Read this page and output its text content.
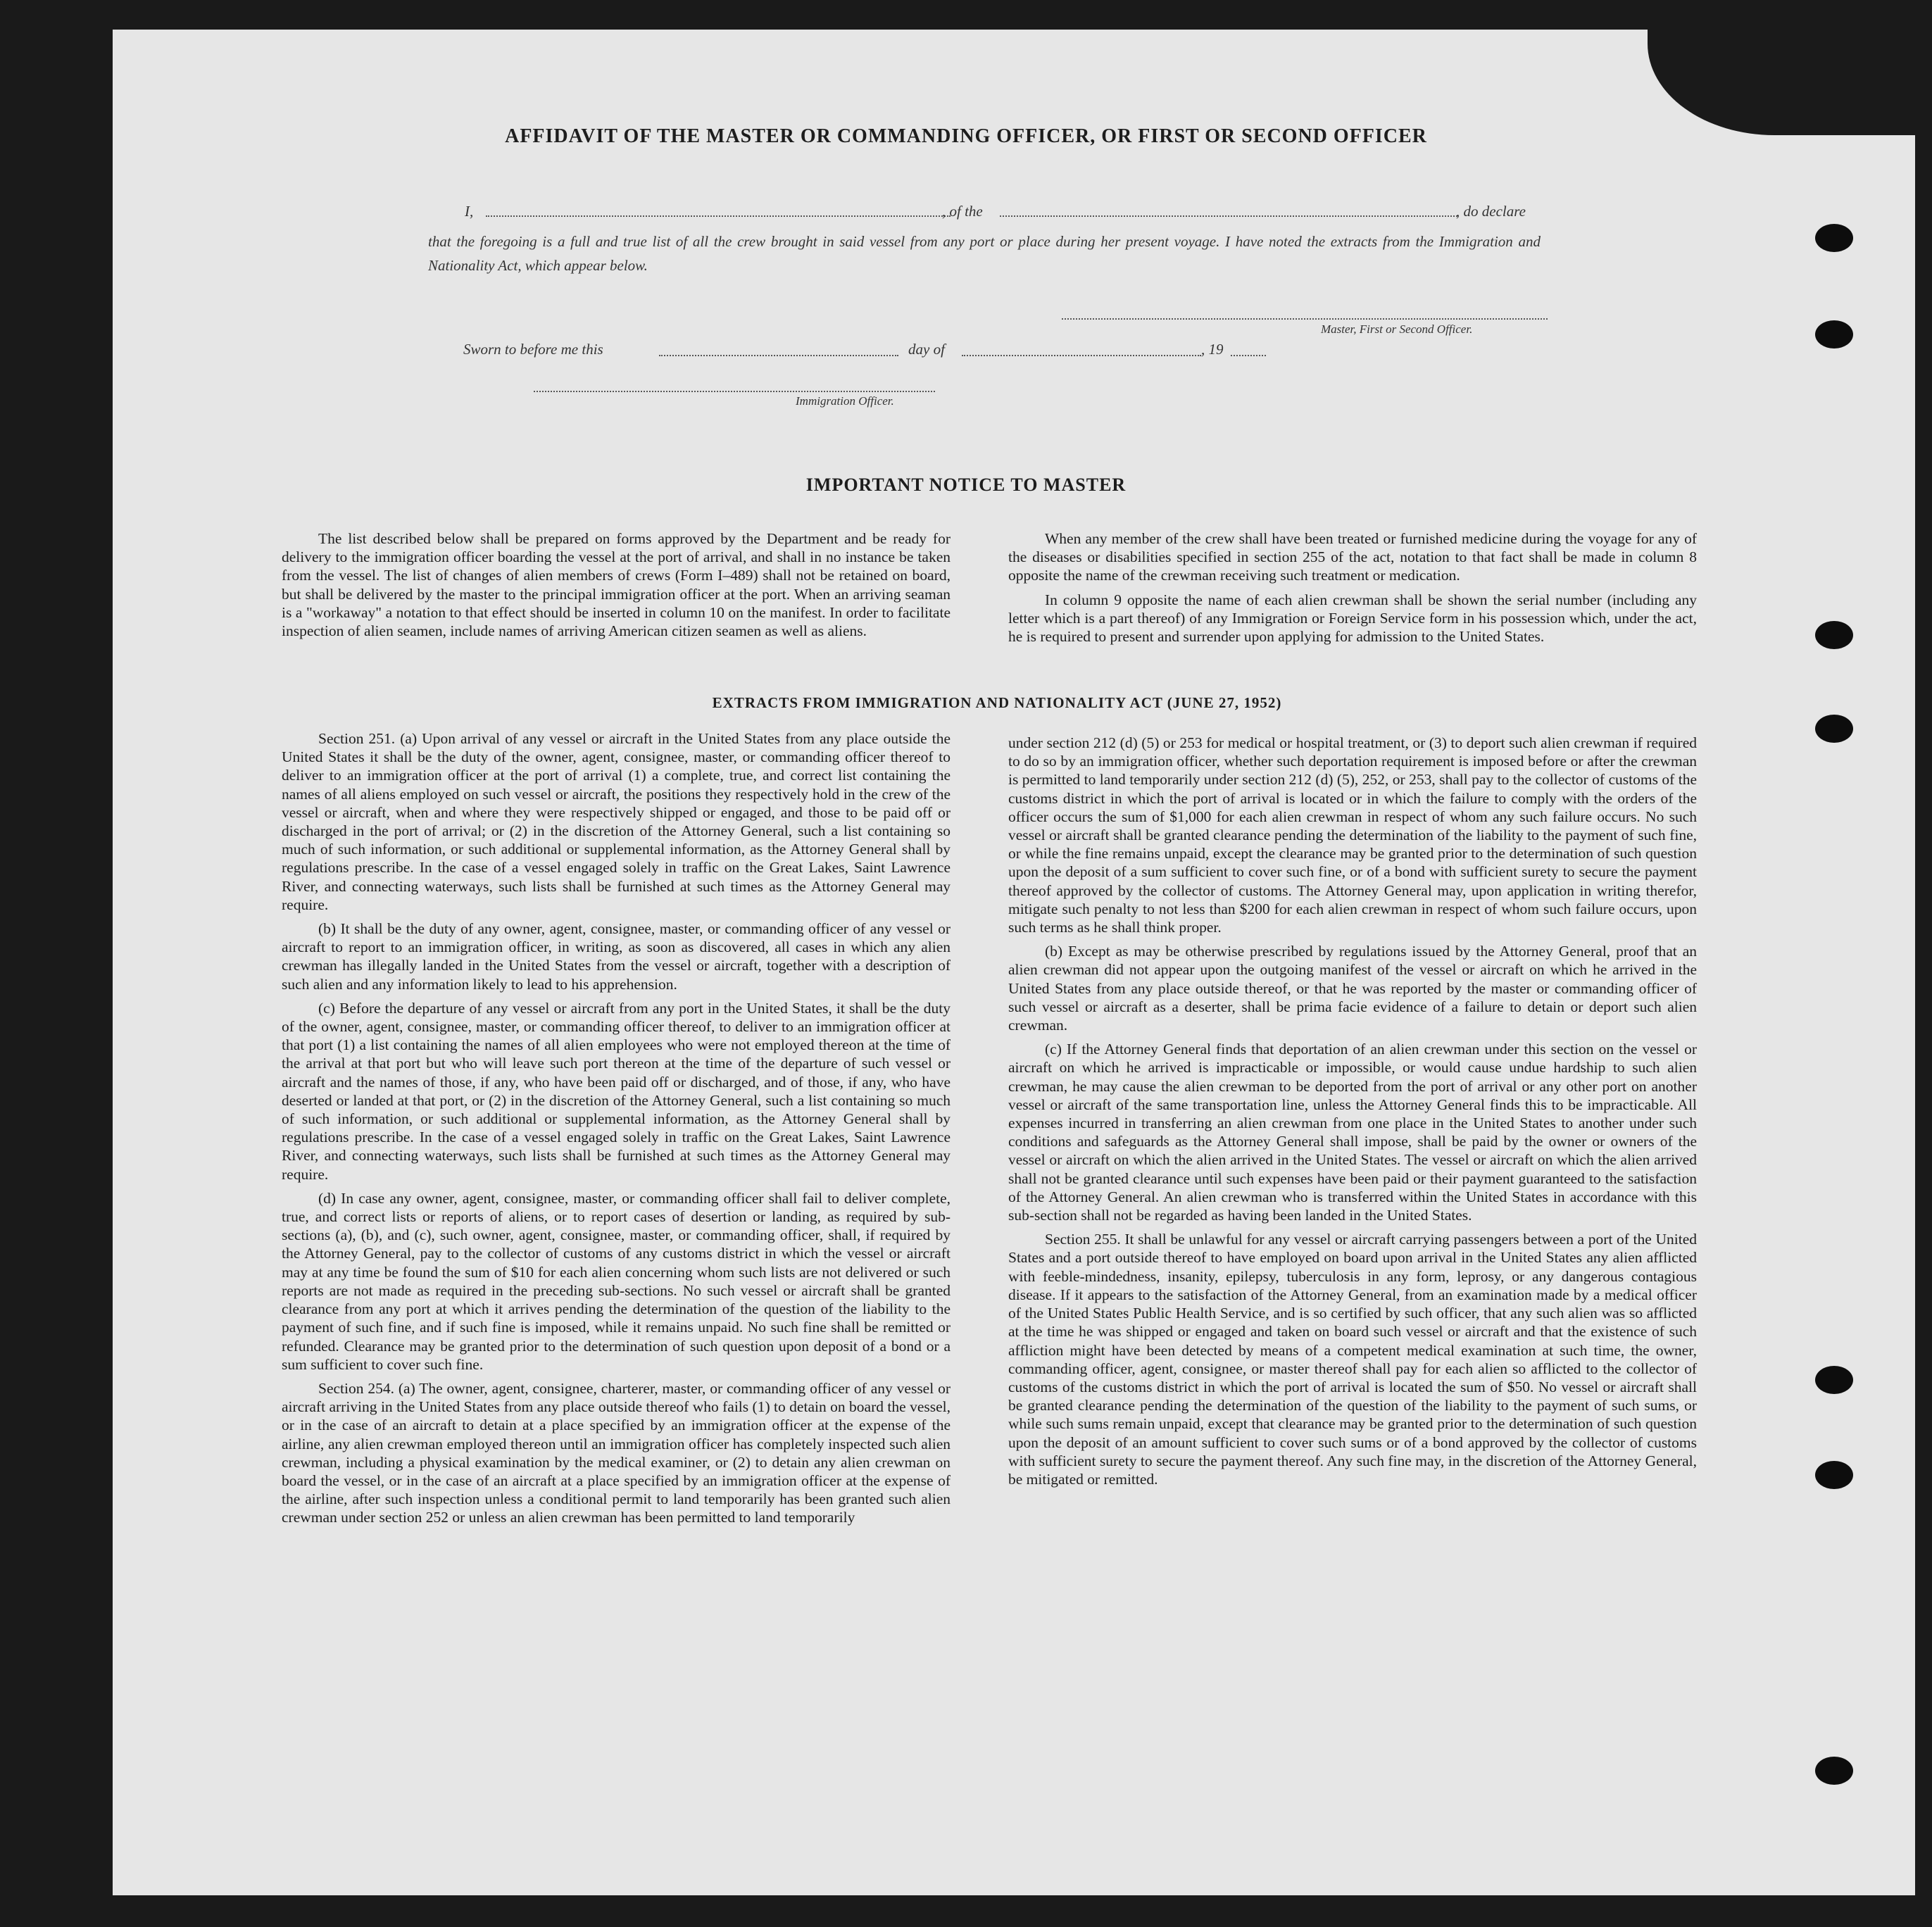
AFFIDAVIT OF THE MASTER OR COMMANDING OFFICER, OR FIRST OR SECOND OFFICER
I,	, of the	, do declare
that the foregoing is a full and true list of all the crew brought in said vessel from any port or place during her present voyage. I have noted the extracts from the Immigration and Nationality Act, which appear below.
Master, First or Second Officer.
Sworn to before me this	day of	, 19
Immigration Officer.
IMPORTANT NOTICE TO MASTER

The list described below shall be prepared on forms approved by the Department and be ready for delivery to the immigration officer boarding the vessel at the port of arrival, and shall in no instance be taken from the vessel. The list of changes of alien members of crews (Form I–489) shall not be retained on board, but shall be delivered by the master to the principal immigration officer at the port. When an arriving seaman is a "workaway" a notation to that effect should be inserted in column 10 on the manifest. In order to facilitate inspection of alien seamen, include names of arriving American citizen seamen as well as aliens.

When any member of the crew shall have been treated or furnished medicine during the voyage for any of the diseases or disabilities specified in section 255 of the act, notation to that fact shall be made in column 8 opposite the name of the crewman receiving such treatment or medication.

In column 9 opposite the name of each alien crewman shall be shown the serial number (including any letter which is a part thereof) of any Immigration or Foreign Service form in his possession which, under the act, he is required to present and surrender upon applying for admission to the United States.

EXTRACTS FROM IMMIGRATION AND NATIONALITY ACT (JUNE 27, 1952)

Section 251. (a) Upon arrival of any vessel or aircraft in the United States from any place outside the United States it shall be the duty of the owner, agent, consignee, master, or commanding officer thereof to deliver to an immigration officer at the port of arrival (1) a complete, true, and correct list containing the names of all aliens employed on such vessel or aircraft, the positions they respectively hold in the crew of the vessel or aircraft, when and where they were respectively shipped or engaged, and those to be paid off or discharged in the port of arrival; or (2) in the discretion of the Attorney General, such a list containing so much of such information, or such additional or supplemental information, as the Attorney General shall by regulations prescribe. In the case of a vessel engaged solely in traffic on the Great Lakes, Saint Lawrence River, and connecting waterways, such lists shall be furnished at such times as the Attorney General may require.

(b) It shall be the duty of any owner, agent, consignee, master, or commanding officer of any vessel or aircraft to report to an immigration officer, in writing, as soon as discovered, all cases in which any alien crewman has illegally landed in the United States from the vessel or aircraft, together with a description of such alien and any information likely to lead to his apprehension.

(c) Before the departure of any vessel or aircraft from any port in the United States, it shall be the duty of the owner, agent, consignee, master, or commanding officer thereof, to deliver to an immigration officer at that port (1) a list containing the names of all alien employees who were not employed thereon at the time of the arrival at that port but who will leave such port thereon at the time of the departure of such vessel or aircraft and the names of those, if any, who have been paid off or discharged, and of those, if any, who have deserted or landed at that port, or (2) in the discretion of the Attorney General, such a list containing so much of such information, or such additional or supplemental information, as the Attorney General shall by regulations prescribe. In the case of a vessel engaged solely in traffic on the Great Lakes, Saint Lawrence River, and connecting waterways, such lists shall be furnished at such times as the Attorney General may require.

(d) In case any owner, agent, consignee, master, or commanding officer shall fail to deliver complete, true, and correct lists or reports of aliens, or to report cases of desertion or landing, as required by sub-sections (a), (b), and (c), such owner, agent, consignee, master, or commanding officer, shall, if required by the Attorney General, pay to the collector of customs of any customs district in which the vessel or aircraft may at any time be found the sum of $10 for each alien concerning whom such lists are not delivered or such reports are not made as required in the preceding sub-sections. No such vessel or aircraft shall be granted clearance from any port at which it arrives pending the determination of the question of the liability to the payment of such fine, and if such fine is imposed, while it remains unpaid. No such fine shall be remitted or refunded. Clearance may be granted prior to the determination of such question upon deposit of a bond or a sum sufficient to cover such fine.

Section 254. (a) The owner, agent, consignee, charterer, master, or commanding officer of any vessel or aircraft arriving in the United States from any place outside thereof who fails (1) to detain on board the vessel, or in the case of an aircraft to detain at a place specified by an immigration officer at the expense of the airline, any alien crewman employed thereon until an immigration officer has completely inspected such alien crewman, including a physical examination by the medical examiner, or (2) to detain any alien crewman on board the vessel, or in the case of an aircraft at a place specified by an immigration officer at the expense of the airline, after such inspection unless a conditional permit to land temporarily has been granted such alien crewman under section 252 or unless an alien crewman has been permitted to land temporarily

under section 212 (d) (5) or 253 for medical or hospital treatment, or (3) to deport such alien crewman if required to do so by an immigration officer, whether such deportation requirement is imposed before or after the crewman is permitted to land temporarily under section 212 (d) (5), 252, or 253, shall pay to the collector of customs of the customs district in which the port of arrival is located or in which the failure to comply with the orders of the officer occurs the sum of $1,000 for each alien crewman in respect of whom any such failure occurs. No such vessel or aircraft shall be granted clearance pending the determination of the liability to the payment of such fine, or while the fine remains unpaid, except the clearance may be granted prior to the determination of such question upon the deposit of a sum sufficient to cover such fine, or of a bond with sufficient surety to secure the payment thereof approved by the collector of customs. The Attorney General may, upon application in writing therefor, mitigate such penalty to not less than $200 for each alien crewman in respect of whom such failure occurs, upon such terms as he shall think proper.

(b) Except as may be otherwise prescribed by regulations issued by the Attorney General, proof that an alien crewman did not appear upon the outgoing manifest of the vessel or aircraft on which he arrived in the United States from any place outside thereof, or that he was reported by the master or commanding officer of such vessel or aircraft as a deserter, shall be prima facie evidence of a failure to detain or deport such alien crewman.

(c) If the Attorney General finds that deportation of an alien crewman under this section on the vessel or aircraft on which he arrived is impracticable or impossible, or would cause undue hardship to such alien crewman, he may cause the alien crewman to be deported from the port of arrival or any other port on another vessel or aircraft of the same transportation line, unless the Attorney General finds this to be impracticable. All expenses incurred in transferring an alien crewman from one place in the United States to another under such conditions and safeguards as the Attorney General shall impose, shall be paid by the owner or owners of the vessel or aircraft on which the alien arrived in the United States. The vessel or aircraft on which the alien arrived shall not be granted clearance until such expenses have been paid or their payment guaranteed to the satisfaction of the Attorney General. An alien crewman who is transferred within the United States in accordance with this sub-section shall not be regarded as having been landed in the United States.

Section 255. It shall be unlawful for any vessel or aircraft carrying passengers between a port of the United States and a port outside thereof to have employed on board upon arrival in the United States any alien afflicted with feeble-mindedness, insanity, epilepsy, tuberculosis in any form, leprosy, or any dangerous contagious disease. If it appears to the satisfaction of the Attorney General, from an examination made by a medical officer of the United States Public Health Service, and is so certified by such officer, that any such alien was so afflicted at the time he was shipped or engaged and taken on board such vessel or aircraft and that the existence of such affliction might have been detected by means of a competent medical examination at such time, the owner, commanding officer, agent, consignee, or master thereof shall pay for each alien so afflicted to the collector of customs of the customs district in which the port of arrival is located the sum of $50. No vessel or aircraft shall be granted clearance pending the determination of the question of the liability to the payment of such sums, or while such sums remain unpaid, except that clearance may be granted prior to the determination of such question upon the deposit of an amount sufficient to cover such sums or of a bond approved by the collector of customs with sufficient surety to secure the payment thereof. Any such fine may, in the discretion of the Attorney General, be mitigated or remitted.
